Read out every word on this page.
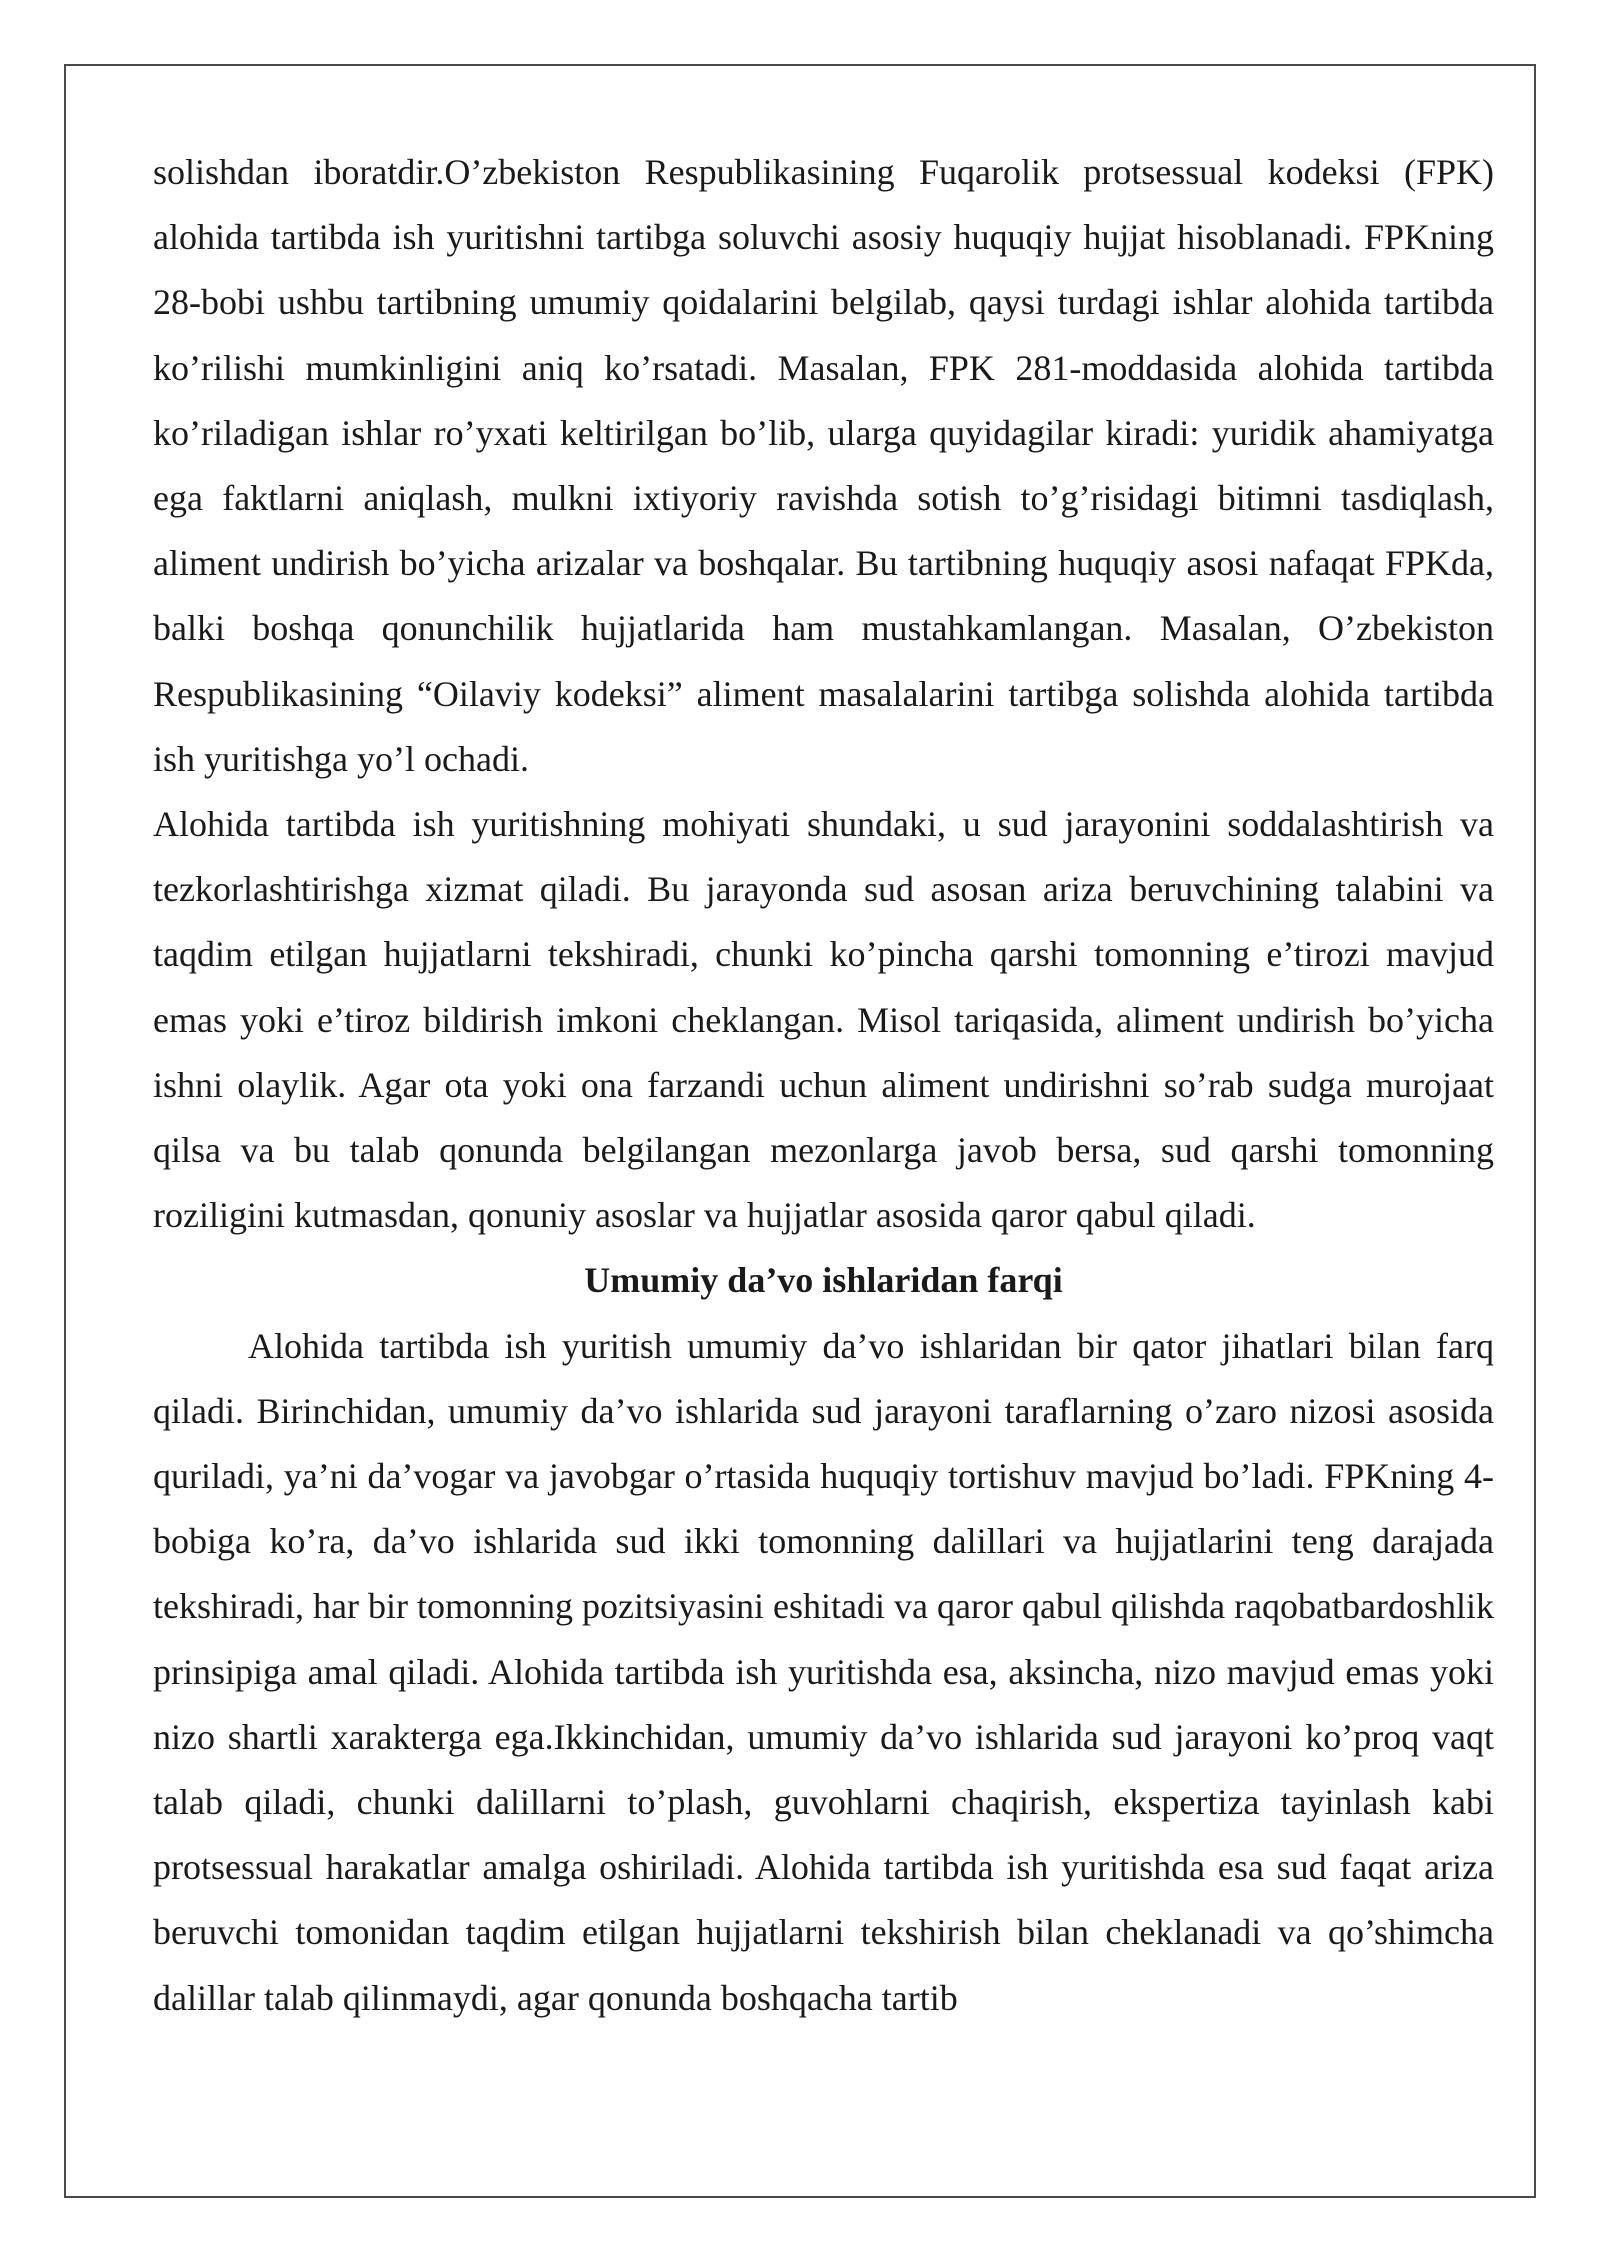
solishdan iboratdir.O’zbekiston Respublikasining Fuqarolik protsessual kodeksi (FPK) alohida tartibda ish yuritishni tartibga soluvchi asosiy huquqiy hujjat hisoblanadi. FPKning 28-bobi ushbu tartibning umumiy qoidalarini belgilab, qaysi turdagi ishlar alohida tartibda ko’rilishi mumkinligini aniq ko’rsatadi. Masalan, FPK 281-moddasida alohida tartibda ko’riladigan ishlar ro’yxati keltirilgan bo’lib, ularga quyidagilar kiradi: yuridik ahamiyatga ega faktlarni aniqlash, mulkni ixtiyoriy ravishda sotish to’g’risidagi bitimni tasdiqlash, aliment undirish bo’yicha arizalar va boshqalar. Bu tartibning huquqiy asosi nafaqat FPKda, balki boshqa qonunchilik hujjatlarida ham mustahkamlangan. Masalan, O’zbekiston Respublikasining “Oilaviy kodeksi” aliment masalalarini tartibga solishda alohida tartibda ish yuritishga yo’l ochadi.

Alohida tartibda ish yuritishning mohiyati shundaki, u sud jarayonini soddalashtirish va tezkorlashtirishga xizmat qiladi. Bu jarayonda sud asosan ariza beruvchining talabini va taqdim etilgan hujjatlarni tekshiradi, chunki ko’pincha qarshi tomonning e’tirozi mavjud emas yoki e’tiroz bildirish imkoni cheklangan. Misol tariqasida, aliment undirish bo’yicha ishni olaylik. Agar ota yoki ona farzandi uchun aliment undirishni so’rab sudga murojaat qilsa va bu talab qonunda belgilangan mezonlarga javob bersa, sud qarshi tomonning roziligini kutmasdan, qonuniy asoslar va hujjatlar asosida qaror qabul qiladi.

Umumiy da’vo ishlaridan farqi

Alohida tartibda ish yuritish umumiy da’vo ishlaridan bir qator jihatlari bilan farq qiladi. Birinchidan, umumiy da’vo ishlarida sud jarayoni taraflarning o’zaro nizosi asosida quriladi, ya’ni da’vogar va javobgar o’rtasida huquqiy tortishuv mavjud bo’ladi. FPKning 4-bobiga ko’ra, da’vo ishlarida sud ikki tomonning dalillari va hujjatlarini teng darajada tekshiradi, har bir tomonning pozitsiyasini eshitadi va qaror qabul qilishda raqobatbardoshlik prinsipiga amal qiladi. Alohida tartibda ish yuritishda esa, aksincha, nizo mavjud emas yoki nizo shartli xarakterga ega.Ikkinchidan, umumiy da’vo ishlarida sud jarayoni ko’proq vaqt talab qiladi, chunki dalillarni to’plash, guvohlarni chaqirish, ekspertiza tayinlash kabi protsessual harakatlar amalga oshiriladi. Alohida tartibda ish yuritishda esa sud faqat ariza beruvchi tomonidan taqdim etilgan hujjatlarni tekshirish bilan cheklanadi va qo’shimcha dalillar talab qilinmaydi, agar qonunda boshqacha tartib
